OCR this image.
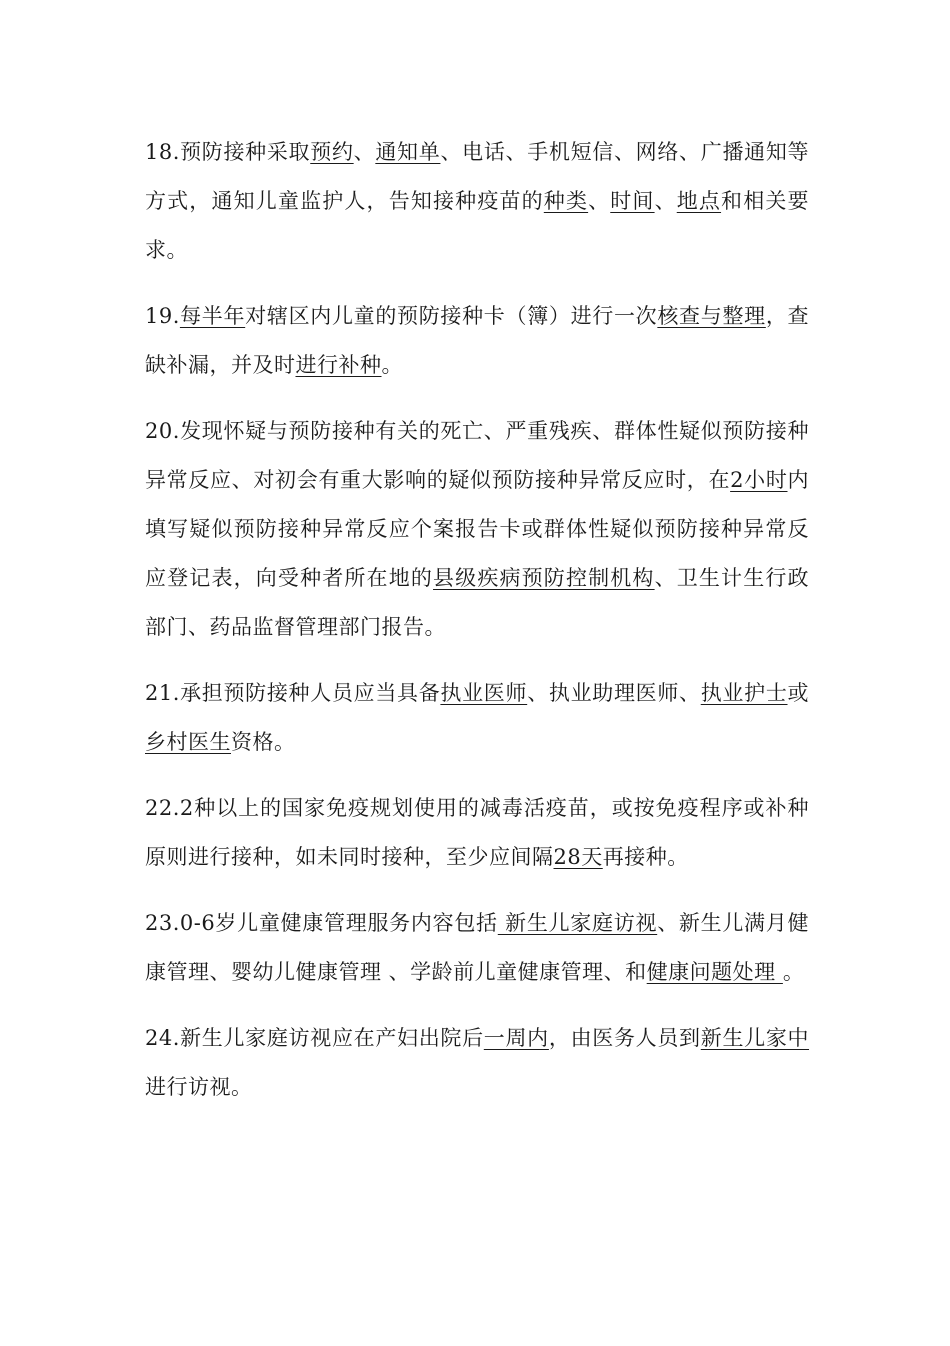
18.预防接种采取预约、通知单、电话、手机短信、网络、广播通知等方式，通知儿童监护人，告知接种疫苗的种类、时间、地点和相关要求。

19.每半年对辖区内儿童的预防接种卡（簿）进行一次核查与整理，查缺补漏，并及时进行补种。

20.发现怀疑与预防接种有关的死亡、严重残疾、群体性疑似预防接种异常反应、对初会有重大影响的疑似预防接种异常反应时，在2小时内填写疑似预防接种异常反应个案报告卡或群体性疑似预防接种异常反应登记表，向受种者所在地的县级疾病预防控制机构、卫生计生行政部门、药品监督管理部门报告。

21.承担预防接种人员应当具备执业医师、执业助理医师、执业护士或乡村医生资格。

22.2种以上的国家免疫规划使用的减毒活疫苗，或按免疫程序或补种原则进行接种，如未同时接种，至少应间隔28天再接种。

23.0-6岁儿童健康管理服务内容包括 新生儿家庭访视、新生儿满月健康管理、婴幼儿健康管理 、学龄前儿童健康管理、和健康问题处理 。

24.新生儿家庭访视应在产妇出院后一周内，由医务人员到新生儿家中进行访视。
